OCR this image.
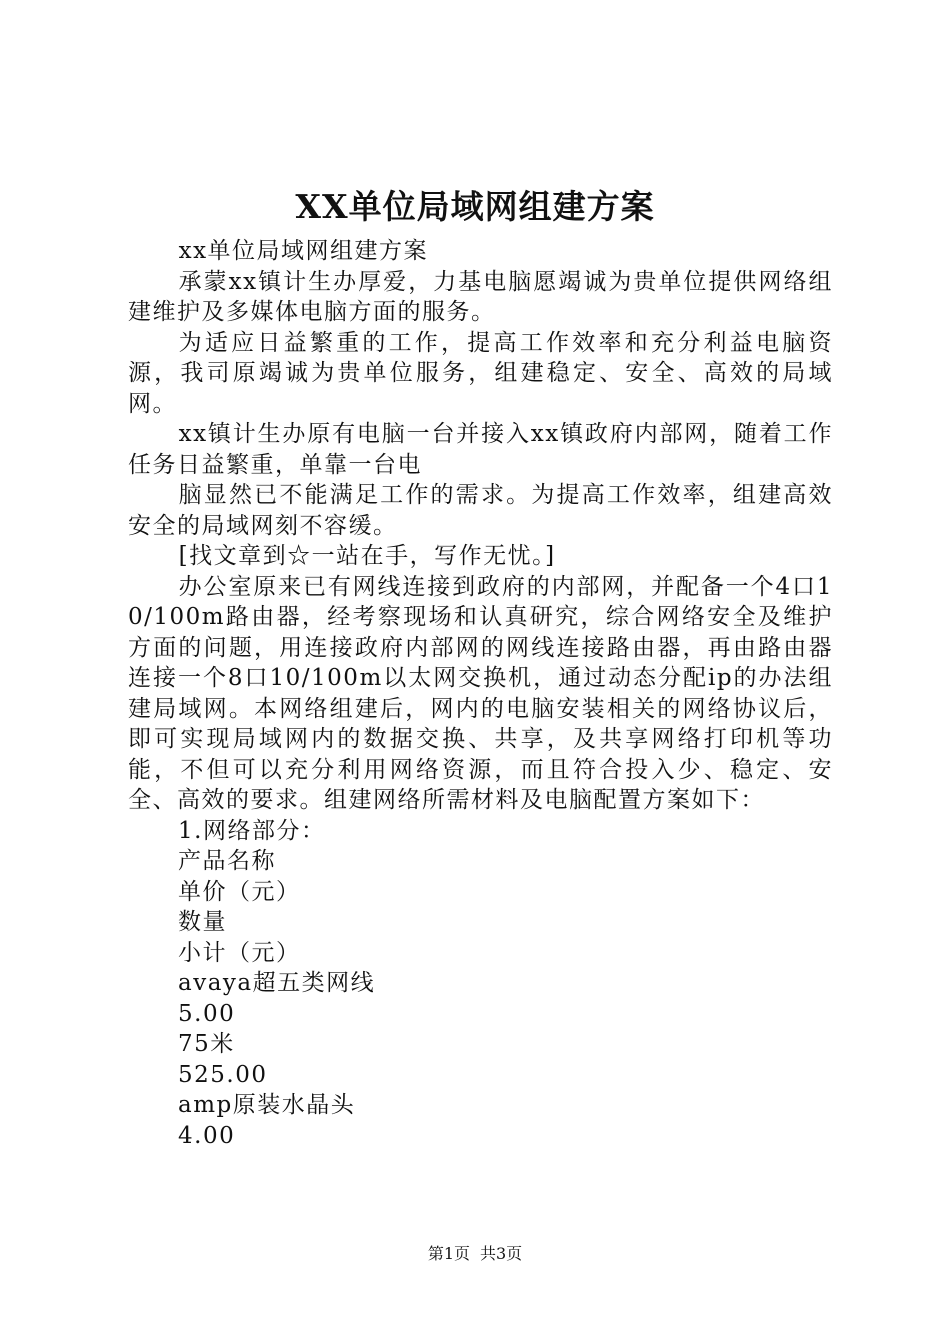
XX单位局域网组建方案

xx单位局域网组建方案

承蒙xx镇计生办厚爱，力基电脑愿竭诚为贵单位提供网络组建维护及多媒体电脑方面的服务。

为适应日益繁重的工作，提高工作效率和充分利益电脑资源，我司原竭诚为贵单位服务，组建稳定、安全、高效的局域网。

xx镇计生办原有电脑一台并接入xx镇政府内部网，随着工作任务日益繁重，单靠一台电

脑显然已不能满足工作的需求。为提高工作效率，组建高效安全的局域网刻不容缓。

[找文章到☆一站在手，写作无忧。]

办公室原来已有网线连接到政府的内部网，并配备一个4口10/100m路由器，经考察现场和认真研究，综合网络安全及维护方面的问题，用连接政府内部网的网线连接路由器，再由路由器连接一个8口10/100m以太网交换机，通过动态分配ip的办法组建局域网。本网络组建后，网内的电脑安装相关的网络协议后，即可实现局域网内的数据交换、共享，及共享网络打印机等功能，不但可以充分利用网络资源，而且符合投入少、稳定、安全、高效的要求。组建网络所需材料及电脑配置方案如下：

1.网络部分：
产品名称
单价（元）
数量
小计（元）
avaya超五类网线
5.00
75米
525.00
amp原装水晶头
4.00
第1页 共3页
